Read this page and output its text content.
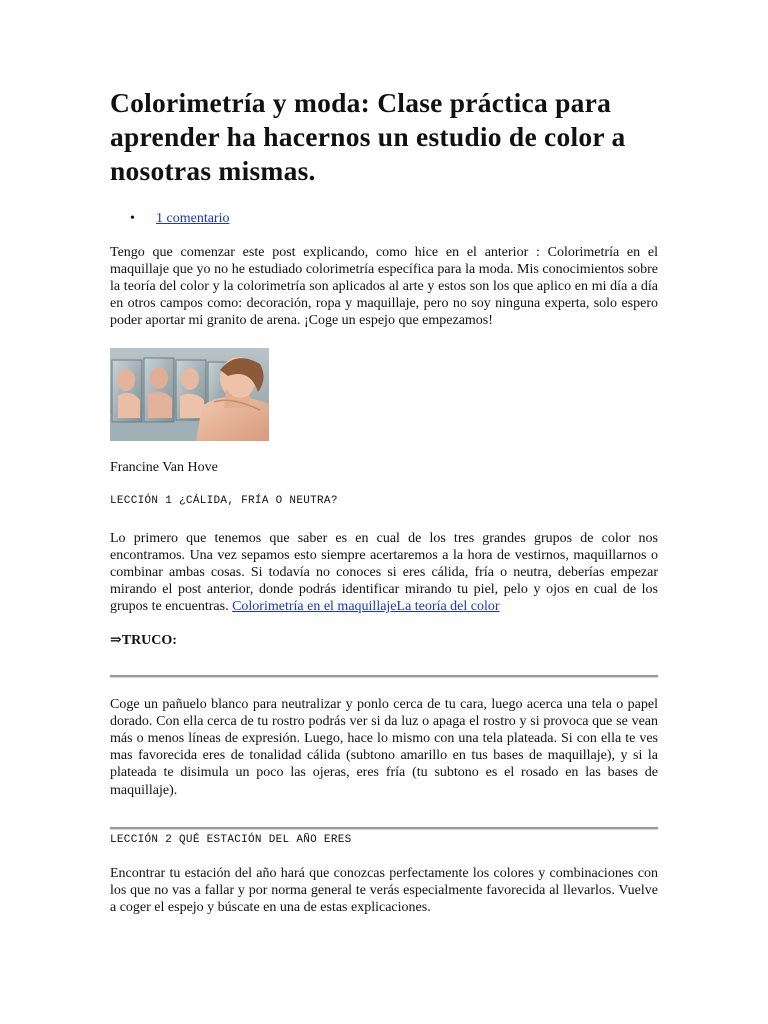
Colorimetría y moda: Clase práctica para aprender ha hacernos un estudio de color a nosotras mismas.
• 1 comentario

Tengo que comenzar este post explicando, como hice en el anterior : Colorimetría en el maquillaje que yo no he estudiado colorimetría específica para la moda. Mis conocimientos sobre la teoría del color y la colorimetría son aplicados al arte y estos son los que aplico en mi día a día en otros campos como: decoración, ropa y maquillaje, pero no soy ninguna experta, solo espero poder aportar mi granito de arena. ¡Coge un espejo que empezamos!

Francine Van Hove

LECCIÓN 1 ¿CÁLIDA, FRÍA O NEUTRA?

Lo primero que tenemos que saber es en cual de los tres grandes grupos de color nos encontramos. Una vez sepamos esto siempre acertaremos a la hora de vestirnos, maquillarnos o combinar ambas cosas. Si todavía no conoces si eres cálida, fría o neutra, deberías empezar mirando el post anterior, donde podrás identificar mirando tu piel, pelo y ojos en cual de los grupos te encuentras. Colorimetría en el maquillajeLa teoría del color

⇒TRUCO:

Coge un pañuelo blanco para neutralizar y ponlo cerca de tu cara, luego acerca una tela o papel dorado. Con ella cerca de tu rostro podrás ver si da luz o apaga el rostro y si provoca que se vean más o menos líneas de expresión. Luego, hace lo mismo con una tela plateada. Si con ella te ves mas favorecida eres de tonalidad cálida (subtono amarillo en tus bases de maquillaje), y si la plateada te disimula un poco las ojeras, eres fría (tu subtono es el rosado en las bases de maquillaje).

LECCIÓN 2 QUÉ ESTACIÓN DEL AÑO ERES

Encontrar tu estación del año hará que conozcas perfectamente los colores y combinaciones con los que no vas a fallar y por norma general te verás especialmente favorecida al llevarlos. Vuelve a coger el espejo y búscate en una de estas explicaciones.
